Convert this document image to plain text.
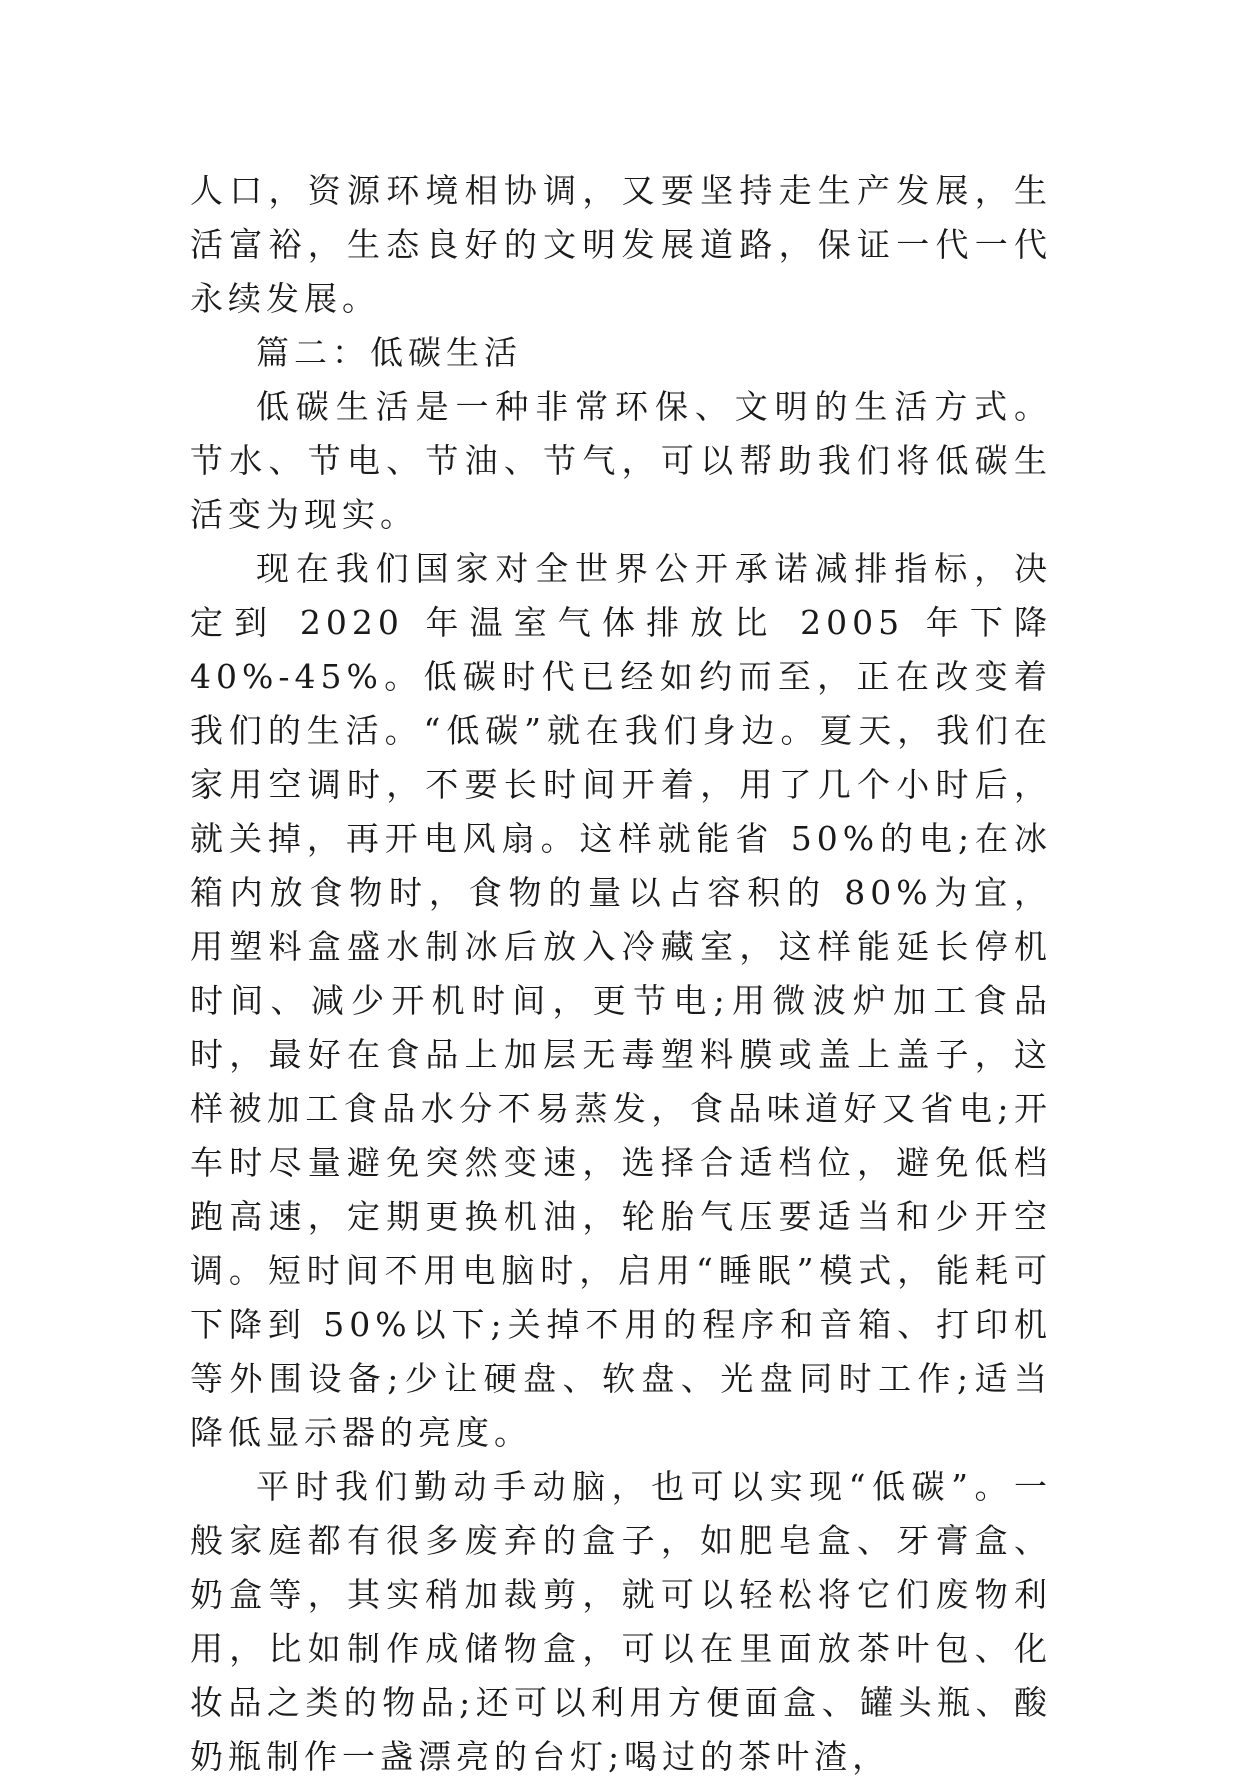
人口，资源环境相协调，又要坚持走生产发展，生活富裕，生态良好的文明发展道路，保证一代一代永续发展。

篇二：低碳生活

低碳生活是一种非常环保、文明的生活方式。节水、节电、节油、节气，可以帮助我们将低碳生活变为现实。

现在我们国家对全世界公开承诺减排指标，决定到 2020 年温室气体排放比 2005 年下降 40%-45%。低碳时代已经如约而至，正在改变着我们的生活。“低碳”就在我们身边。夏天，我们在家用空调时，不要长时间开着，用了几个小时后，就关掉，再开电风扇。这样就能省 50%的电;在冰箱内放食物时，食物的量以占容积的 80%为宜，用塑料盒盛水制冰后放入冷藏室，这样能延长停机时间、减少开机时间，更节电;用微波炉加工食品时，最好在食品上加层无毒塑料膜或盖上盖子，这样被加工食品水分不易蒸发，食品味道好又省电;开车时尽量避免突然变速，选择合适档位，避免低档跑高速，定期更换机油，轮胎气压要适当和少开空调。短时间不用电脑时，启用“睡眠”模式，能耗可下降到 50%以下;关掉不用的程序和音箱、打印机等外围设备;少让硬盘、软盘、光盘同时工作;适当降低显示器的亮度。

平时我们勤动手动脑，也可以实现“低碳”。一般家庭都有很多废弃的盒子，如肥皂盒、牙膏盒、奶盒等，其实稍加裁剪，就可以轻松将它们废物利用，比如制作成储物盒，可以在里面放茶叶包、化妆品之类的物品;还可以利用方便面盒、罐头瓶、酸奶瓶制作一盏漂亮的台灯;喝过的茶叶渣，
